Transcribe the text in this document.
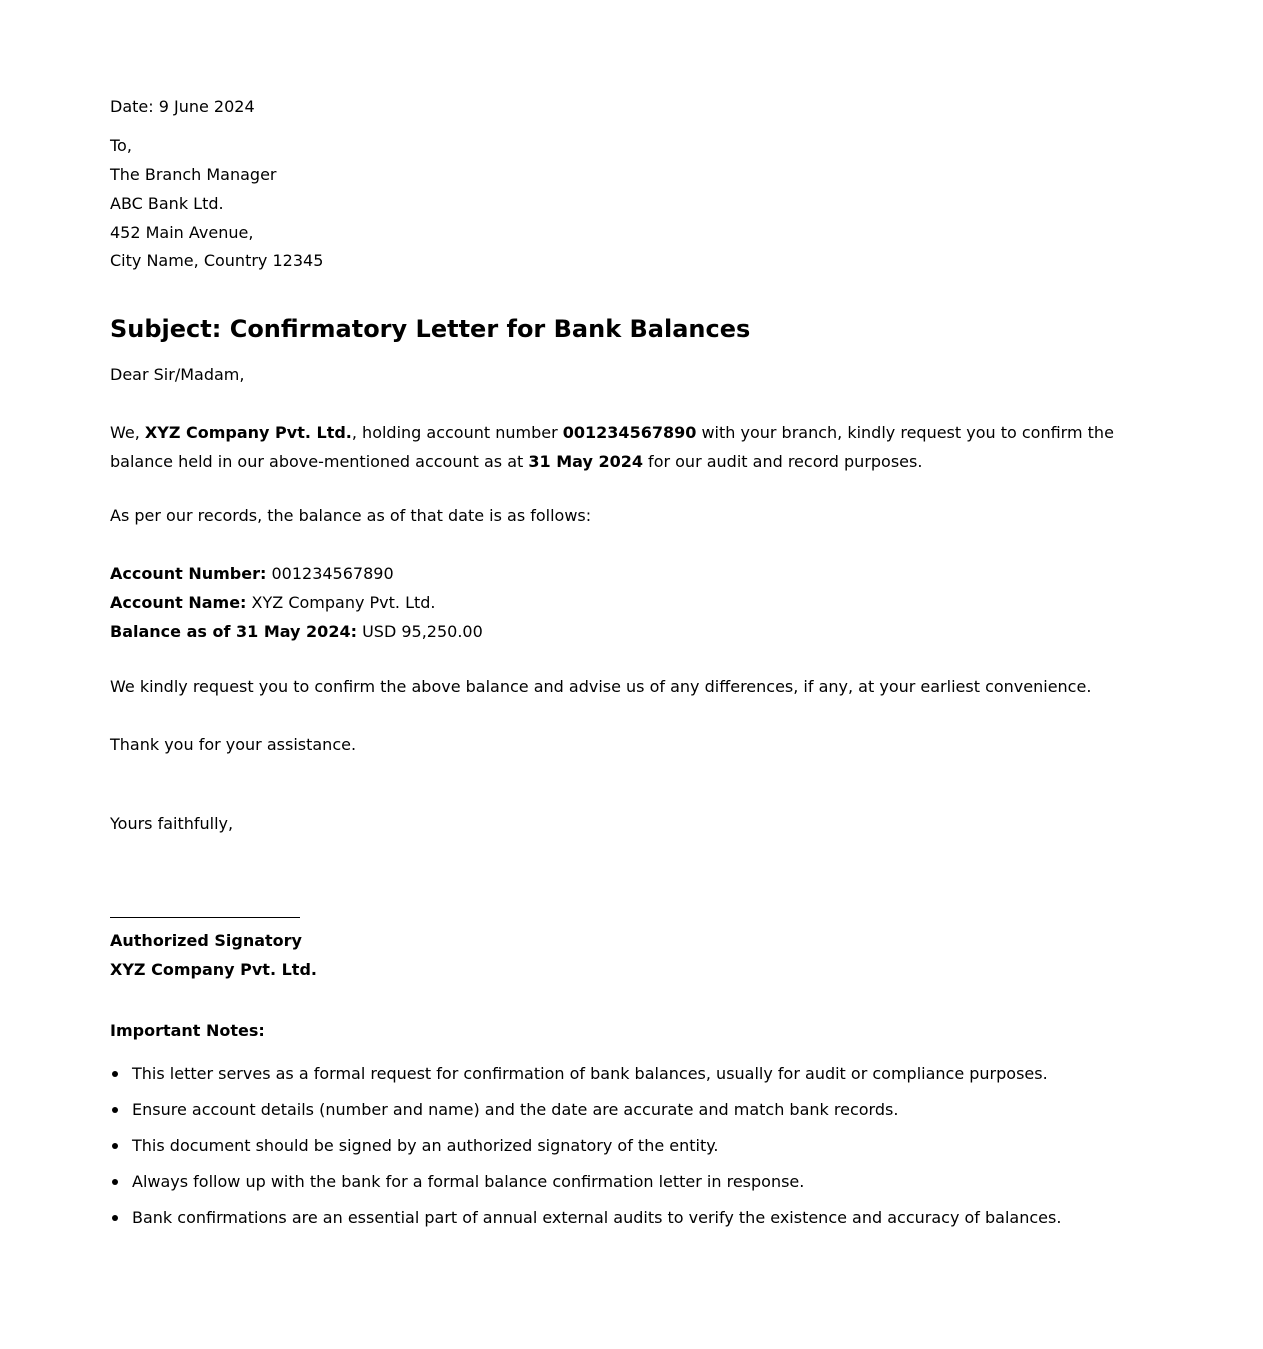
Date: 9 June 2024
To,
The Branch Manager
ABC Bank Ltd.
452 Main Avenue,
City Name, Country 12345
Subject: Confirmatory Letter for Bank Balances
Dear Sir/Madam,

We, XYZ Company Pvt. Ltd., holding account number 001234567890 with your branch, kindly request you to confirm the balance held in our above-mentioned account as at 31 May 2024 for our audit and record purposes.

As per our records, the balance as of that date is as follows:
Account Number: 001234567890
Account Name: XYZ Company Pvt. Ltd.
Balance as of 31 May 2024: USD 95,250.00
We kindly request you to confirm the above balance and advise us of any differences, if any, at your earliest convenience.
Thank you for your assistance.
Yours faithfully,
Authorized Signatory
XYZ Company Pvt. Ltd.
Important Notes:
This letter serves as a formal request for confirmation of bank balances, usually for audit or compliance purposes.
Ensure account details (number and name) and the date are accurate and match bank records.
This document should be signed by an authorized signatory of the entity.
Always follow up with the bank for a formal balance confirmation letter in response.
Bank confirmations are an essential part of annual external audits to verify the existence and accuracy of balances.
